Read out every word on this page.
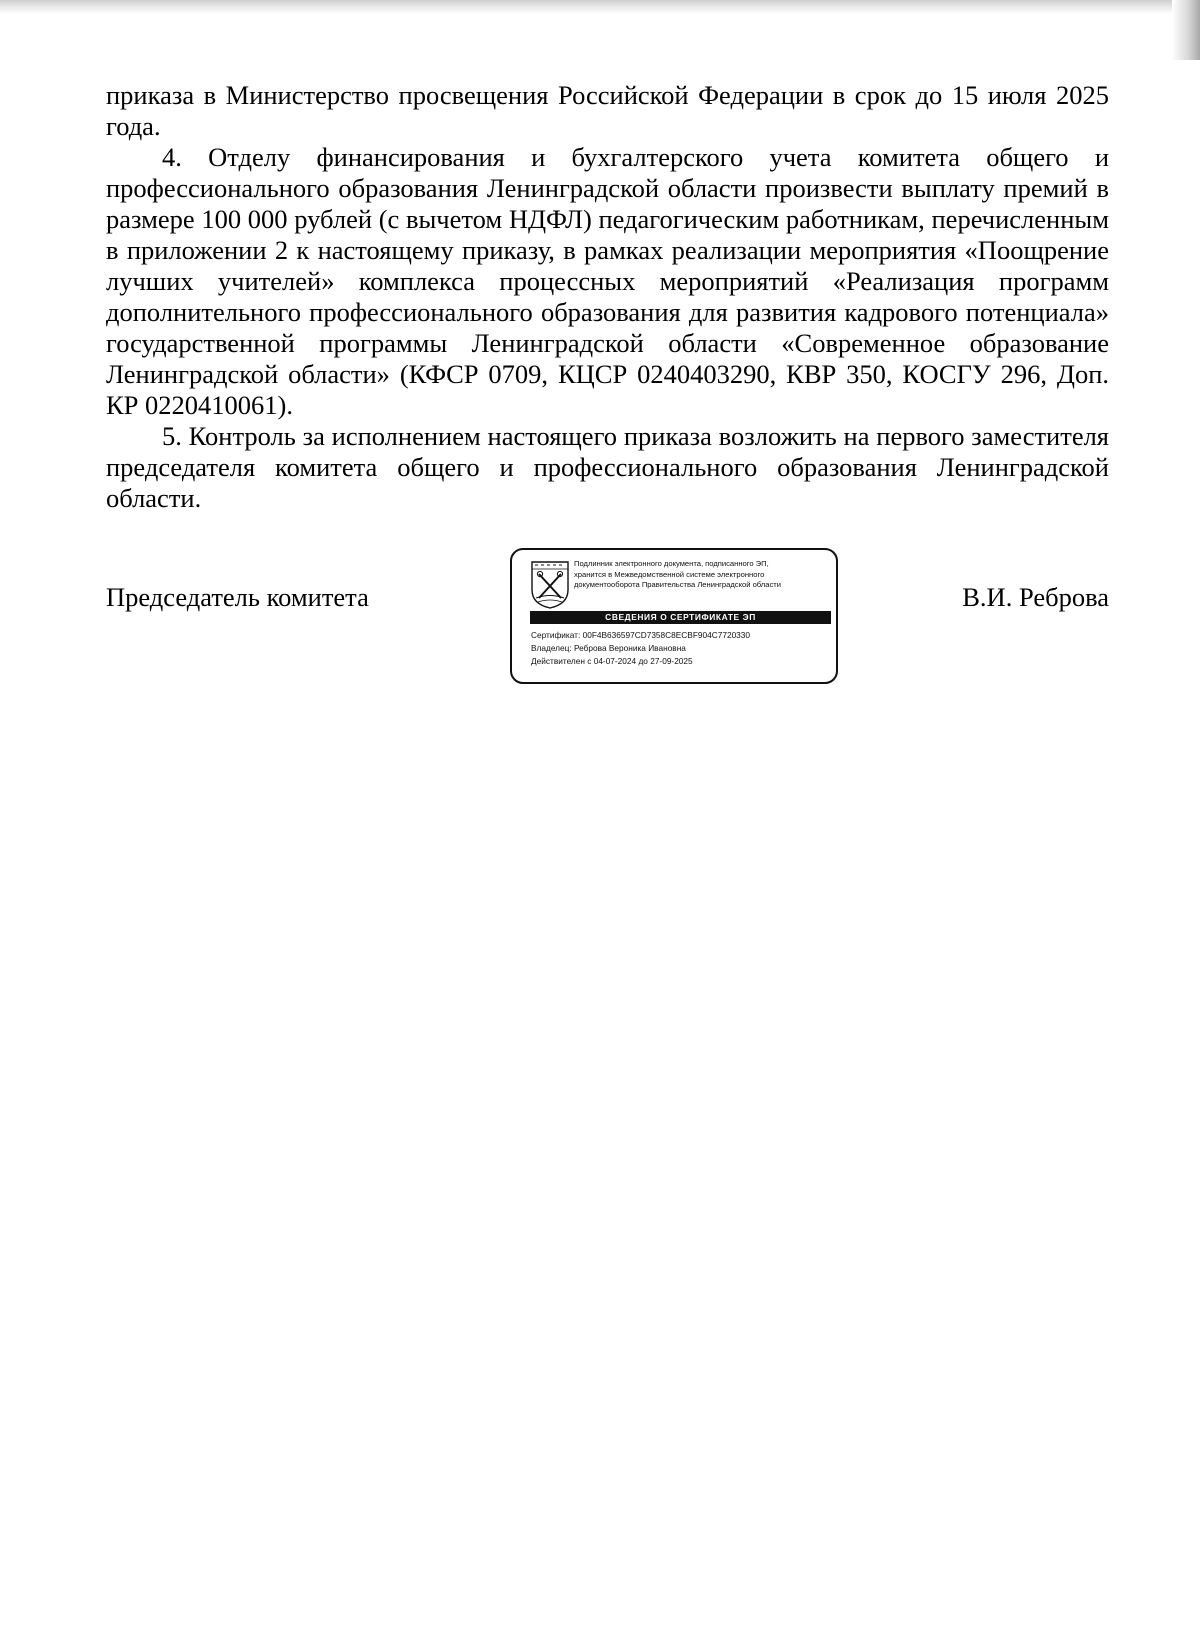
приказа в Министерство просвещения Российской Федерации в срок до 15 июля 2025 года.

4. Отделу финансирования и бухгалтерского учета комитета общего и профессионального образования Ленинградской области произвести выплату премий в размере 100 000 рублей (с вычетом НДФЛ) педагогическим работникам, перечисленным в приложении 2 к настоящему приказу, в рамках реализации мероприятия «Поощрение лучших учителей» комплекса процессных мероприятий «Реализация программ дополнительного профессионального образования для развития кадрового потенциала» государственной программы Ленинградской области «Современное образование Ленинградской области» (КФСР 0709, КЦСР 0240403290, КВР 350, КОСГУ 296, Доп. КР 0220410061).

5. Контроль за исполнением настоящего приказа возложить на первого заместителя председателя комитета общего и профессионального образования Ленинградской области.

Председатель комитета	В.И. Реброва
Подлинник электронного документа, подписанного ЭП,
хранится в Межведомственной системе электронного
документооборота Правительства Ленинградской области
СВЕДЕНИЯ О СЕРТИФИКАТЕ ЭП
Сертификат: 00F4B636597CD7358C8ECBF904C7720330
Владелец: Реброва Вероника Ивановна
Действителен с 04-07-2024 до 27-09-2025
